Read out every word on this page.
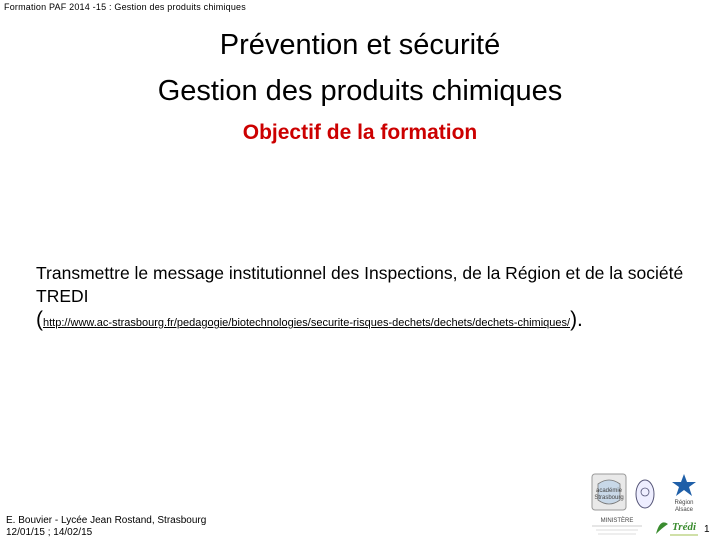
Formation PAF 2014 -15 : Gestion des produits chimiques
Prévention et sécurité
Gestion des produits chimiques
Objectif de la formation
Transmettre le message institutionnel des Inspections, de la Région et de la société TREDI
(http://www.ac-strasbourg.fr/pedagogie/biotechnologies/securite-risques-dechets/dechets/dechets-chimiques/).
académie
Strasbourg
Région
Alsace
MINISTÈRE	Trédi
E. Bouvier - Lycée Jean Rostand, Strasbourg
12/01/15 ; 14/02/15	1
